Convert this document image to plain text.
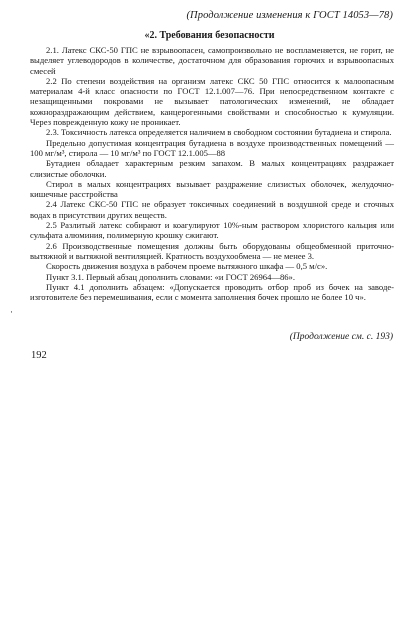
(Продолжение изменения к ГОСТ 14053—78)
«2. Требования безопасности

2.1. Латекс СКС-50 ГПС не взрывоопасен, самопроизвольно не воспламеняется, не горит, не выделяет углеводородов в количестве, достаточном для образования горючих и взрывоопасных смесей

2.2 По степени воздействия на организм латекс СКС 50 ГПС относится к малоопасным материалам 4-й класс опасности по ГОСТ 12.1.007—76. При непосредственном контакте с незащищенными покровами не вызывает патологических изменений, не обладает кожнораздражающим действием, канцерогенными свойствами и способностью к кумуляции. Через поврежденную кожу не проникает.

2.3. Токсичность латекса определяется наличием в свободном состоянии бутадиена и стирола.

Предельно допустимая концентрация бутадиена в воздухе производственных помещений — 100 мг/м³, стирола — 10 мг/м³ по ГОСТ 12.1.005—88

Бутадиен обладает характерным резким запахом. В малых концентрациях раздражает слизистые оболочки.

Стирол в малых концентрациях вызывает раздражение слизистых оболочек, желудочно-кишечные расстройства

2.4 Латекс СКС-50 ГПС не образует токсичных соединений в воздушной среде и сточных водах в присутствии других веществ.

2.5 Разлитый латекс собирают и коагулируют 10%-ным раствором хлористого кальция или сульфата алюминия, полимерную крошку сжигают.

2.6 Производственные помещения должны быть оборудованы общеобменной приточно-вытяжной и вытяжной вентиляцией. Кратность воздухообмена — не менее 3.

Скорость движения воздуха в рабочем проеме вытяжного шкафа — 0,5 м/с».

Пункт 3.1. Первый абзац дополнить словами: «и ГОСТ 26964—86».

Пункт 4.1 дополнить абзацем: «Допускается проводить отбор проб из бочек на заводе-изготовителе без перемешивания, если с момента заполнения бочек прошло не более 10 ч».

·
(Продолжение см. с. 193)
192
